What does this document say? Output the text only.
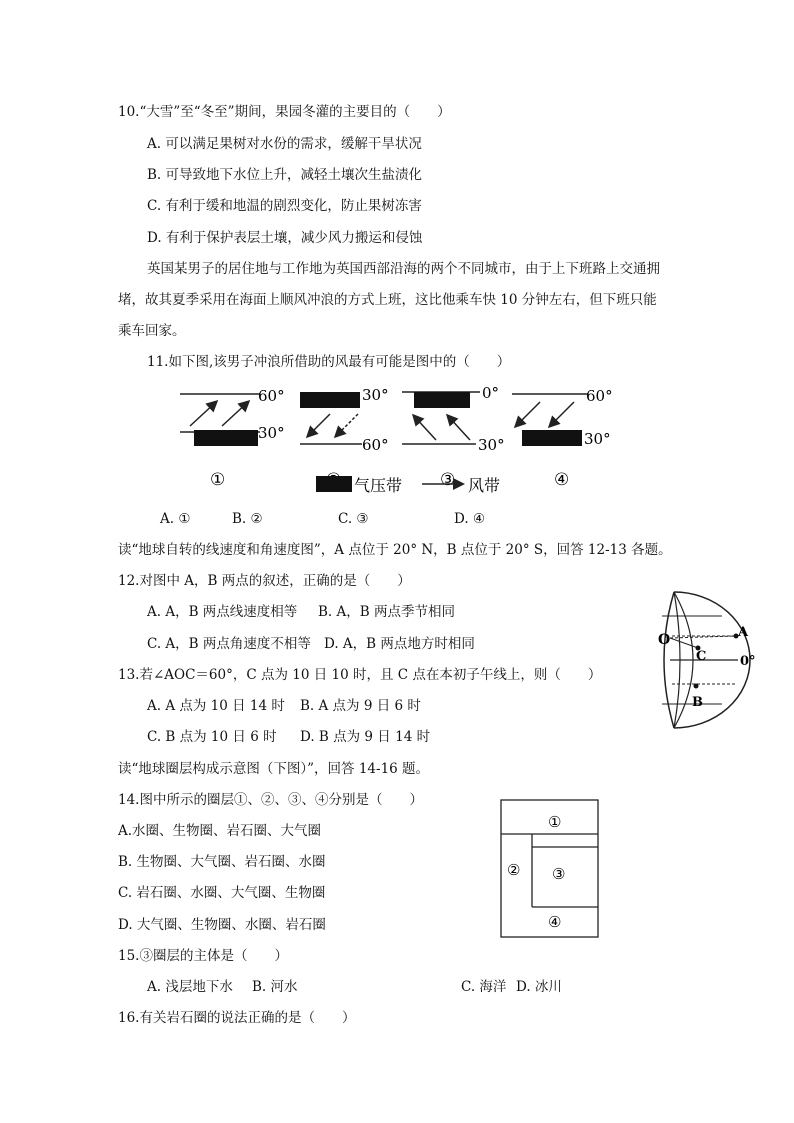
10.“大雪”至“冬至”期间，果园冬灌的主要目的（　　）
A. 可以满足果树对水份的需求，缓解干旱状况
B. 可导致地下水位上升，减轻土壤次生盐渍化
C. 有利于缓和地温的剧烈变化，防止果树冻害
D. 有利于保护表层土壤，减少风力搬运和侵蚀
英国某男子的居住地与工作地为英国西部沿海的两个不同城市，由于上下班路上交通拥
堵，故其夏季采用在海面上顺风冲浪的方式上班，这比他乘车快 10 分钟左右，但下班只能
乘车回家。
11.如下图,该男子冲浪所借助的风最有可能是图中的（　　）
60°
30°
①
30°
60°
0°
30°
③
60°
30°
④
气压带	风带
A. ①	B. ②	C. ③	D. ④
读“地球自转的线速度和角速度图”，A 点位于 20° N，B 点位于 20° S，回答 12-13 各题。
12.对图中 A，B 两点的叙述，正确的是（　　）
A. A，B 两点线速度相等 B. A，B 两点季节相同
C. A，B 两点角速度不相等 D. A，B 两点地方时相同	O	A
C	0°
B
13.若∠AOC＝60°，C 点为 10 日 10 时，且 C 点在本初子午线上，则（　　）
A. A 点为 10 日 14 时 B. A 点为 9 日 6 时
C. B 点为 10 日 6 时 D. B 点为 9 日 14 时
读“地球圈层构成示意图（下图）”，回答 14-16 题。
14.图中所示的圈层①、②、③、④分别是（　　）
A.水圈、生物圈、岩石圈、大气圈
B. 生物圈、大气圈、岩石圈、水圈
C. 岩石圈、水圈、大气圈、生物圈
D. 大气圈、生物圈、水圈、岩石圈
①
② ③
④
15.③圈层的主体是（　　）
A. 浅层地下水 B. 河水	C. 海洋 D. 冰川
16.有关岩石圈的说法正确的是（　　）
